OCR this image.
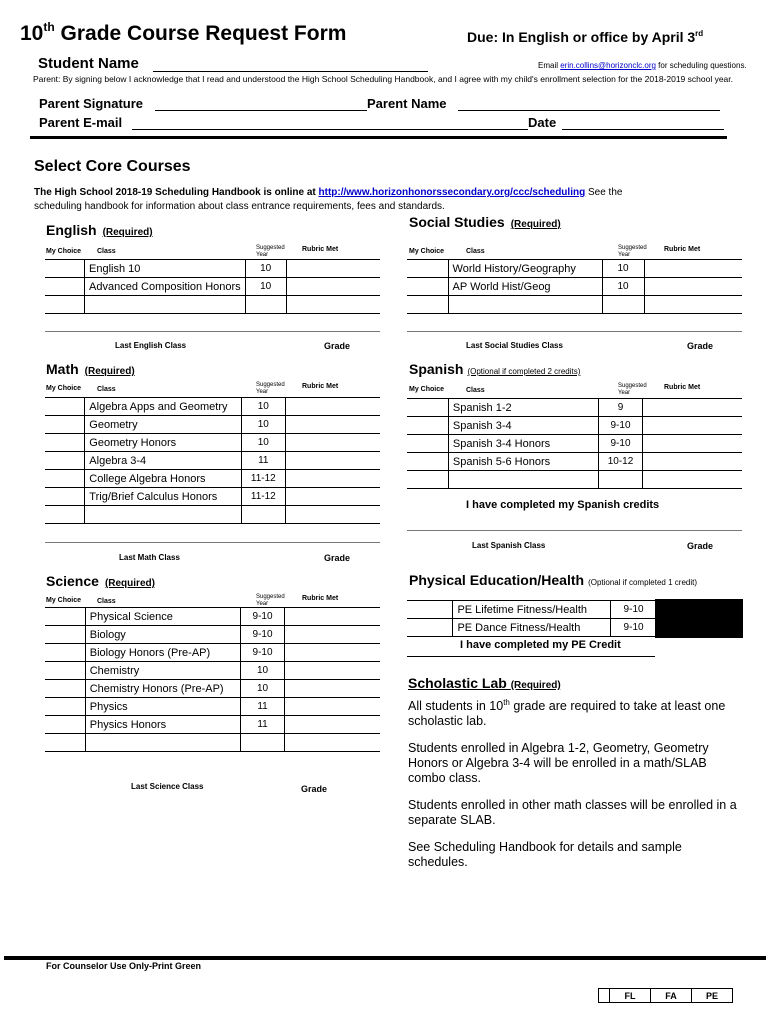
10th Grade Course Request Form	Due: In English or office by April 3rd
Student Name	Email erin.collins@horizonclc.org for scheduling questions.
Parent: By signing below I acknowledge that I read and understood the High School Scheduling Handbook, and I agree with my child's enrollment selection for the 2018-2019 school year.
Parent Signature	Parent Name
Parent E-mail	Date
Select Core Courses
The High School 2018-19 Scheduling Handbook is online at http://www.horizonhonorssecondary.org/ccc/scheduling See the
scheduling handbook for information about class entrance requirements, fees and standards.
English (Required)
My Choice Class	Suggested
Year
Rubric Met
	English 10	10	
	Advanced Composition Honors	10	

Last English Class	Grade
Social Studies (Required)
My Choice	Class	Suggested
Year
Rubric Met
	World History/Geography	10	
	AP World Hist/Geog	10	

Last Social Studies Class	Grade
Math (Required)
My Choice Class
Suggested
Year
Rubric Met
	Algebra Apps and Geometry	10	
	Geometry	10	
	Geometry Honors	10	
	Algebra 3-4	11	
	College Algebra Honors	11-12	
	Trig/Brief Calculus Honors	11-12	

Last Math Class	Grade
Spanish (Optional if completed 2 credits)
My Choice	Class
Suggested
Year
Rubric Met
	Spanish 1-2	9	
	Spanish 3-4	9-10	
	Spanish 3-4 Honors	9-10	
	Spanish 5-6 Honors	10-12	

I have completed my Spanish credits
Last Spanish Class	Grade
Science (Required)
My Choice Class
Suggested
Year
Rubric Met
	Physical Science	9-10	
	Biology	9-10	
	Biology Honors (Pre-AP)	9-10	
	Chemistry	10	
	Chemistry Honors (Pre-AP)	10	
	Physics	11	
	Physics Honors	11	

Last Science Class	Grade
Physical Education/Health (Optional if completed 1 credit)
	PE Lifetime Fitness/Health	9-10
	PE Dance Fitness/Health	9-10
I have completed my PE Credit

Scholastic Lab (Required)

All students in 10th grade are required to take at least one scholastic lab.

Students enrolled in Algebra 1-2, Geometry, Geometry Honors or Algebra 3-4 will be enrolled in a math/SLAB combo class.

Students enrolled in other math classes will be enrolled in a separate SLAB.

See Scheduling Handbook for details and sample schedules.

For Counselor Use Only-Print Green
	FL	FA	PE
